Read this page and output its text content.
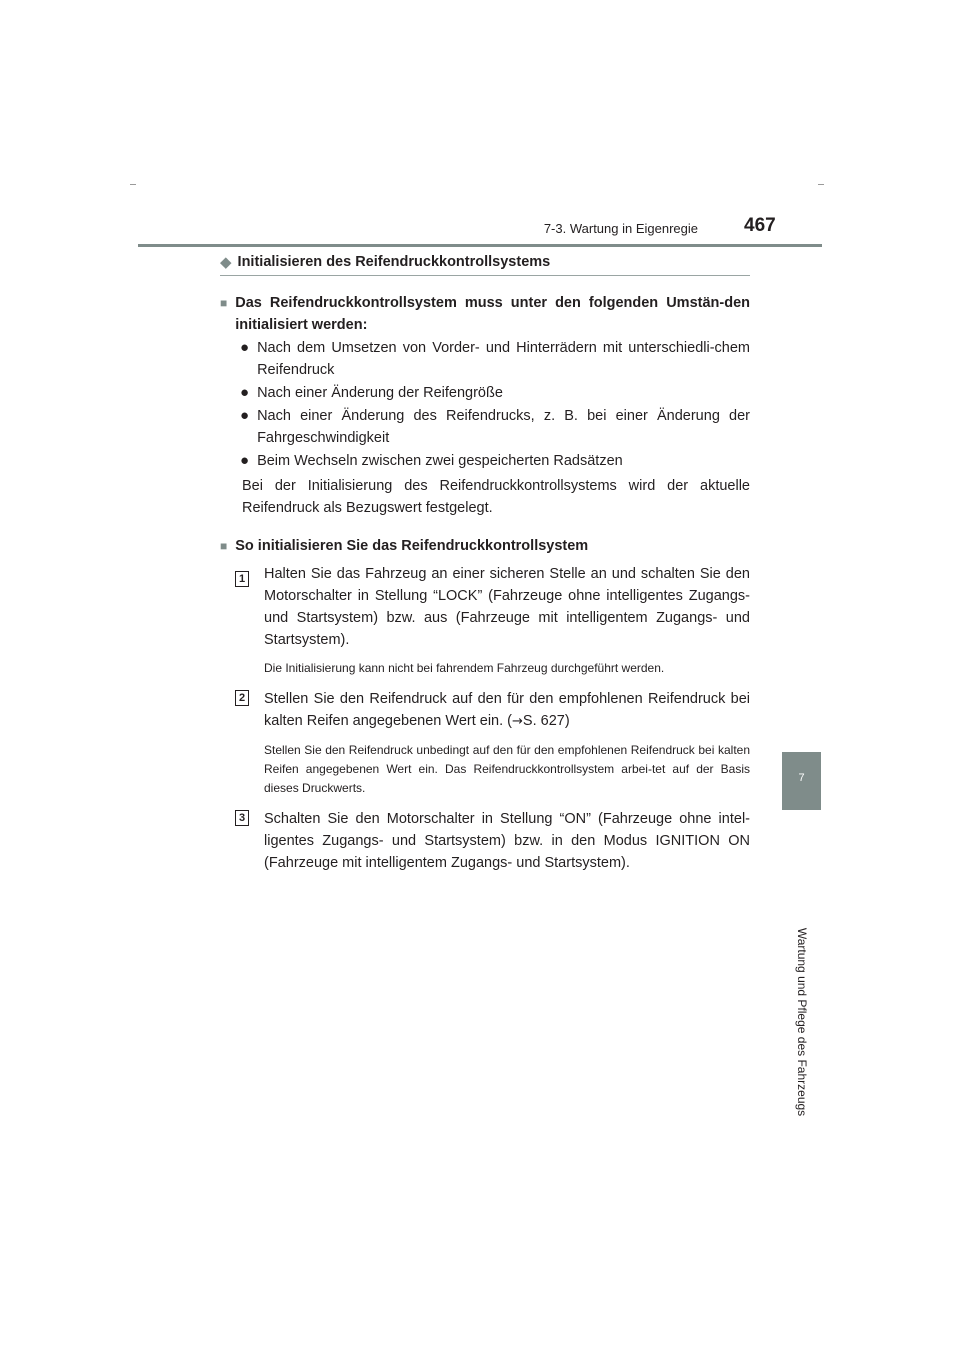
7-3. Wartung in Eigenregie 467
7
Wartung und Pflege des Fahrzeugs
◆ Initialisieren des Reifendruckkontrollsystems
■ Das Reifendruckkontrollsystem muss unter den folgenden Umstän-den initialisiert werden:
● Nach dem Umsetzen von Vorder- und Hinterrädern mit unterschiedli-chem Reifendruck
● Nach einer Änderung der Reifengröße
● Nach einer Änderung des Reifendrucks, z. B. bei einer Änderung der Fahrgeschwindigkeit
● Beim Wechseln zwischen zwei gespeicherten Radsätzen
Bei der Initialisierung des Reifendruckkontrollsystems wird der aktuelle Reifendruck als Bezugswert festgelegt.
■ So initialisieren Sie das Reifendruckkontrollsystem
1 Halten Sie das Fahrzeug an einer sicheren Stelle an und schalten Sie den Motorschalter in Stellung “LOCK” (Fahrzeuge ohne intelligentes Zugangs- und Startsystem) bzw. aus (Fahrzeuge mit intelligentem Zugangs- und Startsystem).
Die Initialisierung kann nicht bei fahrendem Fahrzeug durchgeführt werden.
2 Stellen Sie den Reifendruck auf den für den empfohlenen Reifendruck bei kalten Reifen angegebenen Wert ein. (→S. 627)
Stellen Sie den Reifendruck unbedingt auf den für den empfohlenen Reifendruck bei kalten Reifen angegebenen Wert ein. Das Reifendruckkontrollsystem arbei-tet auf der Basis dieses Druckwerts.
3 Schalten Sie den Motorschalter in Stellung “ON” (Fahrzeuge ohne intel-ligentes Zugangs- und Startsystem) bzw. in den Modus IGNITION ON (Fahrzeuge mit intelligentem Zugangs- und Startsystem).
